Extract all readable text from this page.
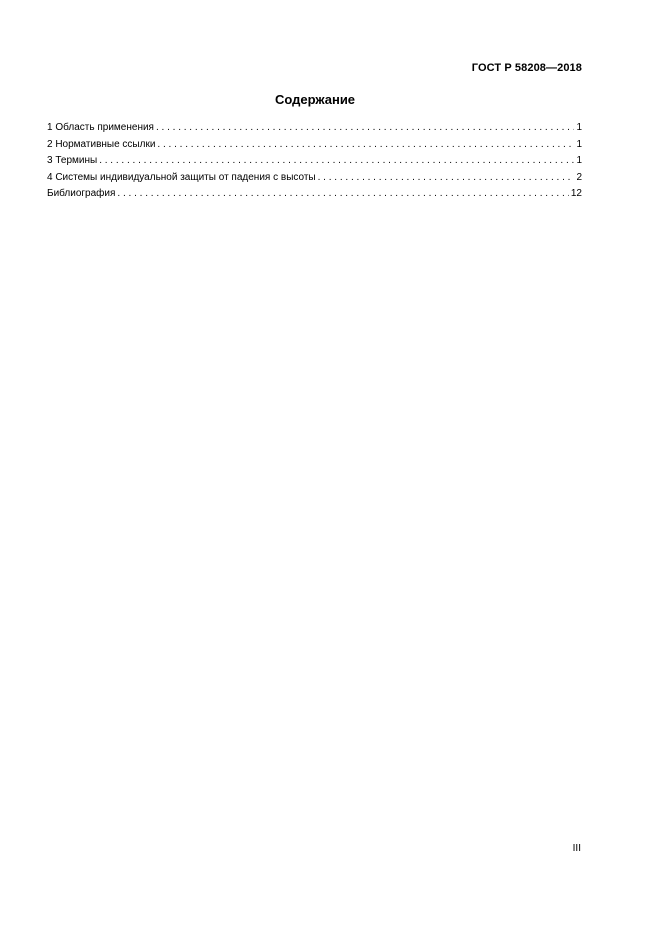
ГОСТ Р 58208—2018
Содержание
1 Область применения . . .	1
2 Нормативные ссылки . . .	1
3 Термины . . .	1
4 Системы индивидуальной защиты от падения с высоты . . .	2
Библиография . . .	12
III
